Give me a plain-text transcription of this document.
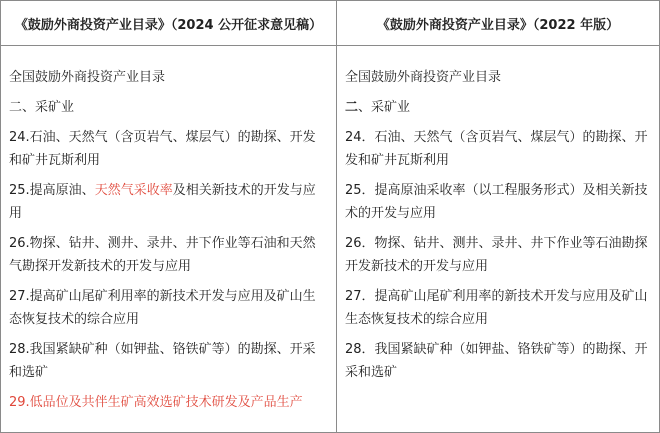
《鼓励外商投资产业目录》（2024 公开征求意见稿）	《鼓励外商投资产业目录》（2022 年版）
全国鼓励外商投资产业目录
二、采矿业
24.石油、天然气（含页岩气、煤层气）的勘探、开发和矿井瓦斯利用
25.提高原油、天然气采收率及相关新技术的开发与应用
26.物探、钻井、测井、录井、井下作业等石油和天然气勘探开发新技术的开发与应用
27.提高矿山尾矿利用率的新技术开发与应用及矿山生态恢复技术的综合应用
28.我国紧缺矿种（如钾盐、铬铁矿等）的勘探、开采和选矿
29.低品位及共伴生矿高效选矿技术研发及产品生产
全国鼓励外商投资产业目录
二、采矿业
24．石油、天然气（含页岩气、煤层气）的勘探、开发和矿井瓦斯利用
25．提高原油采收率（以工程服务形式）及相关新技术的开发与应用
26．物探、钻井、测井、录井、井下作业等石油勘探开发新技术的开发与应用
27．提高矿山尾矿利用率的新技术开发与应用及矿山生态恢复技术的综合应用
28．我国紧缺矿种（如钾盐、铬铁矿等）的勘探、开采和选矿
